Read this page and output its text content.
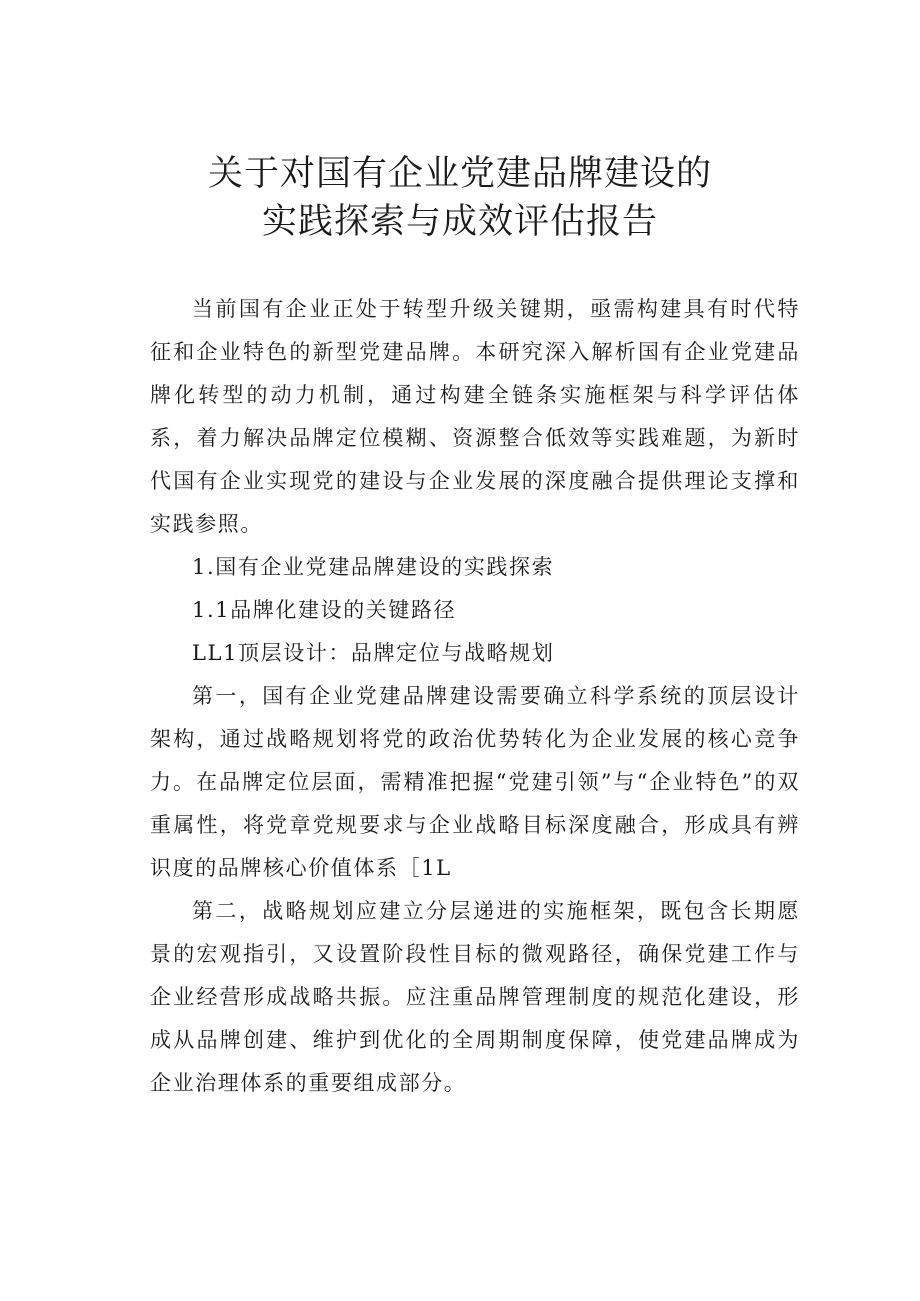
关于对国有企业党建品牌建设的
实践探索与成效评估报告

当前国有企业正处于转型升级关键期，亟需构建具有时代特征和企业特色的新型党建品牌。本研究深入解析国有企业党建品牌化转型的动力机制，通过构建全链条实施框架与科学评估体系，着力解决品牌定位模糊、资源整合低效等实践难题，为新时代国有企业实现党的建设与企业发展的深度融合提供理论支撑和实践参照。

1.国有企业党建品牌建设的实践探索

1.1品牌化建设的关键路径

LL1顶层设计：品牌定位与战略规划

第一，国有企业党建品牌建设需要确立科学系统的顶层设计架构，通过战略规划将党的政治优势转化为企业发展的核心竞争力。在品牌定位层面，需精准把握“党建引领”与“企业特色”的双重属性，将党章党规要求与企业战略目标深度融合，形成具有辨识度的品牌核心价值体系［1L

第二，战略规划应建立分层递进的实施框架，既包含长期愿景的宏观指引，又设置阶段性目标的微观路径，确保党建工作与企业经营形成战略共振。应注重品牌管理制度的规范化建设，形成从品牌创建、维护到优化的全周期制度保障，使党建品牌成为企业治理体系的重要组成部分。
